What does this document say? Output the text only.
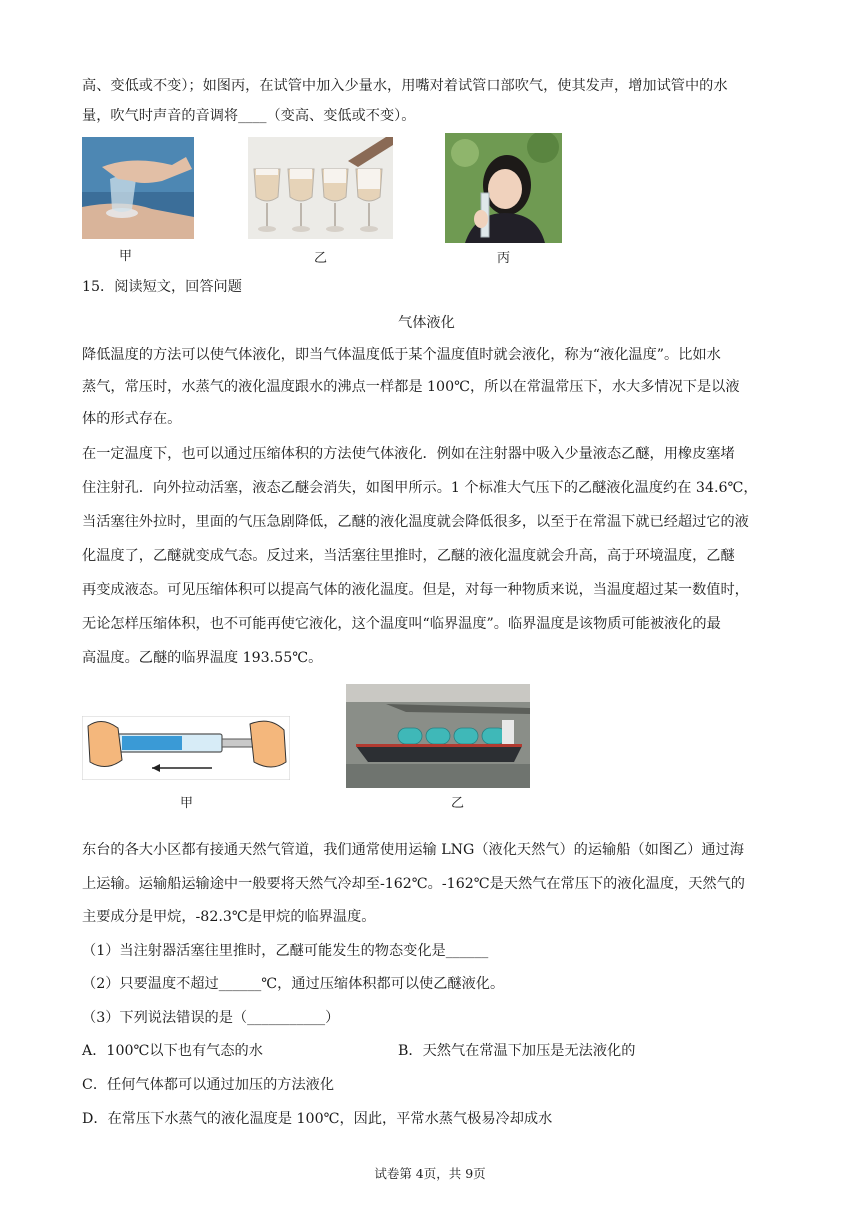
高、变低或不变）；如图丙，在试管中加入少量水，用嘴对着试管口部吹气，使其发声，增加试管中的水
量，吹气时声音的音调将____（变高、变低或不变）。
甲	乙	丙
15．阅读短文，回答问题
气体液化
降低温度的方法可以使气体液化，即当气体温度低于某个温度值时就会液化，称为“液化温度”。比如水
蒸气，常压时，水蒸气的液化温度跟水的沸点一样都是 100℃，所以在常温常压下，水大多情况下是以液
体的形式存在。
在一定温度下，也可以通过压缩体积的方法使气体液化．例如在注射器中吸入少量液态乙醚，用橡皮塞堵
住注射孔．向外拉动活塞，液态乙醚会消失，如图甲所示。1 个标准大气压下的乙醚液化温度约在 34.6℃，
当活塞往外拉时，里面的气压急剧降低，乙醚的液化温度就会降低很多，以至于在常温下就已经超过它的液
化温度了，乙醚就变成气态。反过来，当活塞往里推时，乙醚的液化温度就会升高，高于环境温度，乙醚
再变成液态。可见压缩体积可以提高气体的液化温度。但是，对每一种物质来说，当温度超过某一数值时，
无论怎样压缩体积，也不可能再使它液化，这个温度叫“临界温度”。临界温度是该物质可能被液化的最
高温度。乙醚的临界温度 193.55℃。
甲	乙
东台的各大小区都有接通天然气管道，我们通常使用运输 LNG（液化天然气）的运输船（如图乙）通过海
上运输。运输船运输途中一般要将天然气冷却至-162℃。-162℃是天然气在常压下的液化温度，天然气的
主要成分是甲烷，-82.3℃是甲烷的临界温度。
（1）当注射器活塞往里推时，乙醚可能发生的物态变化是______
（2）只要温度不超过______℃，通过压缩体积都可以使乙醚液化。
（3）下列说法错误的是（___________）
A．100℃以下也有气态的水	B．天然气在常温下加压是无法液化的
C．任何气体都可以通过加压的方法液化
D．在常压下水蒸气的液化温度是 100℃，因此，平常水蒸气极易冷却成水
试卷第 4页，共 9页
